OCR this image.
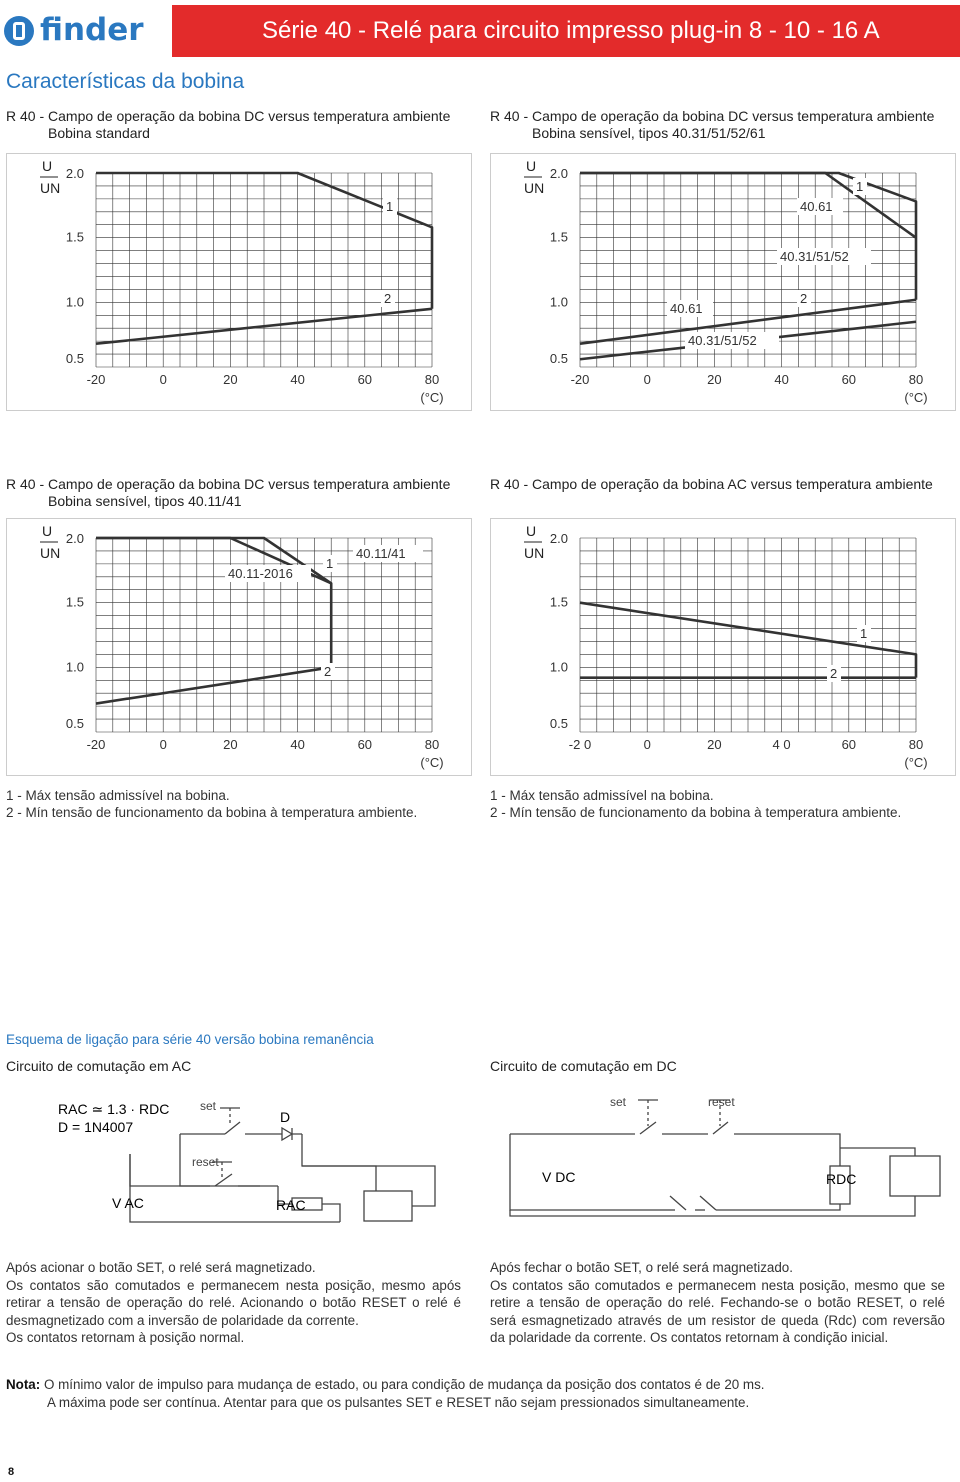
finder	Série 40 - Relé para circuito impresso plug-in 8 - 10 - 16 A
Características da bobina
R 40 - Campo de operação da bobina DC versus temperatura ambiente
Bobina standard
R 40 - Campo de operação da bobina DC versus temperatura ambiente
Bobina sensível, tipos 40.31/51/52/61
R 40 - Campo de operação da bobina DC versus temperatura ambiente
Bobina sensível, tipos 40.11/41
R 40 - Campo de operação da bobina AC versus temperatura ambiente
U
UN
2.0
1.5
1.0
0.5
-20	0	20	40	60	80
(°C)
1
2
U
UN
2.0
1.5
1.0
0.5
-20	0	20	40	60	80
(°C)
40.61
1
40.31/51/52
40.61
2
40.31/51/52
U
UN
2.0
1.5
1.0
0.5
-20	0	20	40	60	80
(°C)
40.11-2016
1
40.11/41
2
U
UN
2.0
1.5
1.0
0.5
-2 0	0	20	4 0	60	80
(°C)
1
2
1 - Máx tensão admissível na bobina.
2 - Mín tensão de funcionamento da bobina à temperatura ambiente.
1 - Máx tensão admissível na bobina.
2 - Mín tensão de funcionamento da bobina à temperatura ambiente.
Esquema de ligação para série 40 versão bobina remanência
Circuito de comutação em AC	Circuito de comutação em DC
RAC ≃ 1.3 · RDC
D = 1N4007
set
reset
D
V AC	RAC
set	reset
V DC	RDC

Após acionar o botão SET, o relé será magnetizado.

Os contatos são comutados e permanecem nesta posição, mesmo após retirar a tensão de operação do relé. Acionando o botão RESET o relé é desmagnetizado com a inversão de polaridade da corrente.

Os contatos retornam à posição normal.

Após fechar o botão SET, o relé será magnetizado.

Os contatos são comutados e permanecem nesta posição, mesmo que se retire a tensão de operação do relé. Fechando-se o botão RESET, o relé será esmagnetizado através de um resistor de queda (Rdc) com reversão da polaridade da corrente. Os contatos retornam à condição inicial.

Nota: O mínimo valor de impulso para mudança de estado, ou para condição de mudança da posição dos contatos é de 20 ms.
A máxima pode ser contínua. Atentar para que os pulsantes SET e RESET não sejam pressionados simultaneamente.
8
